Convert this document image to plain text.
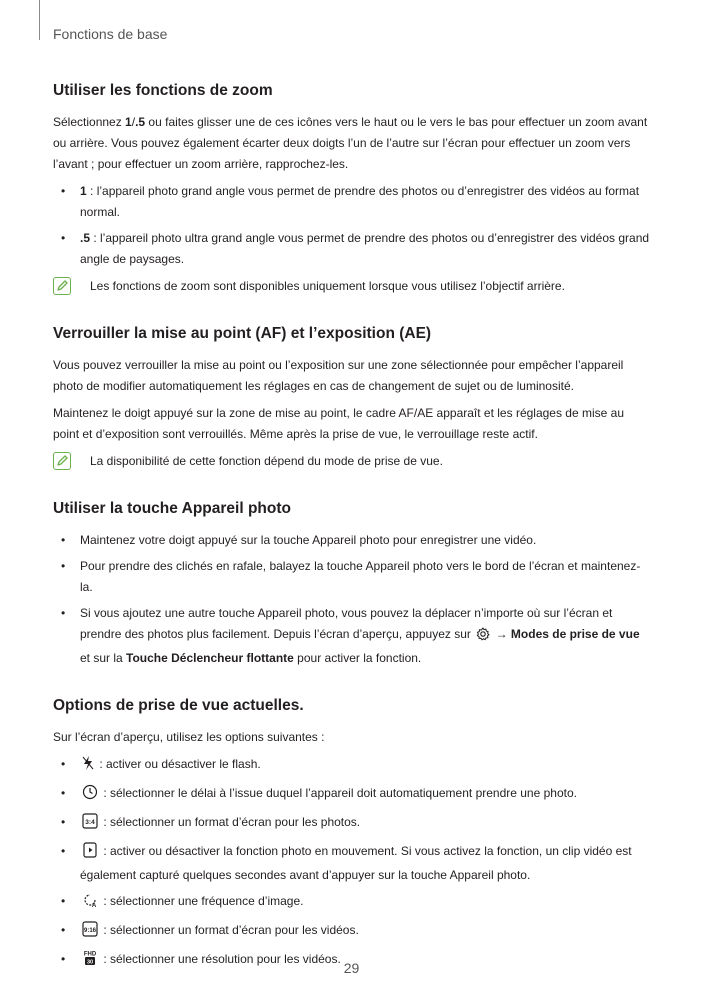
Fonctions de base
Utiliser les fonctions de zoom

Sélectionnez 1/.5 ou faites glisser une de ces icônes vers le haut ou le vers le bas pour effectuer un zoom avant ou arrière. Vous pouvez également écarter deux doigts l’un de l’autre sur l’écran pour effectuer un zoom vers l’avant ; pour effectuer un zoom arrière, rapprochez-les.

• 1 : l’appareil photo grand angle vous permet de prendre des photos ou d’enregistrer des vidéos au format normal.
• .5 : l’appareil photo ultra grand angle vous permet de prendre des photos ou d’enregistrer des vidéos grand angle de paysages.
Les fonctions de zoom sont disponibles uniquement lorsque vous utilisez l’objectif arrière.
Verrouiller la mise au point (AF) et l’exposition (AE)

Vous pouvez verrouiller la mise au point ou l’exposition sur une zone sélectionnée pour empêcher l’appareil photo de modifier automatiquement les réglages en cas de changement de sujet ou de luminosité.

Maintenez le doigt appuyé sur la zone de mise au point, le cadre AF/AE apparaît et les réglages de mise au point et d’exposition sont verrouillés. Même après la prise de vue, le verrouillage reste actif.

La disponibilité de cette fonction dépend du mode de prise de vue.
Utiliser la touche Appareil photo
• Maintenez votre doigt appuyé sur la touche Appareil photo pour enregistrer une vidéo.
• Pour prendre des clichés en rafale, balayez la touche Appareil photo vers le bord de l’écran et maintenez-la.
• Si vous ajoutez une autre touche Appareil photo, vous pouvez la déplacer n’importe où sur l’écran et prendre des photos plus facilement. Depuis l’écran d’aperçu, appuyez sur  → Modes de prise de vue et sur la Touche Déclencheur flottante pour activer la fonction.
Options de prise de vue actuelles.

Sur l’écran d’aperçu, utilisez les options suivantes :

•	: activer ou désactiver le flash.
•	: sélectionner le délai à l’issue duquel l’appareil doit automatiquement prendre une photo.
•	3:4 : sélectionner un format d’écran pour les photos.
•	: activer ou désactiver la fonction photo en mouvement. Si vous activez la fonction, un clip vidéo est également capturé quelques secondes avant d’appuyer sur la touche Appareil photo.
•	A : sélectionner une fréquence d’image.
•	9:16 : sélectionner un format d’écran pour les vidéos.
•	FHD
30 : sélectionner une résolution pour les vidéos.
29
